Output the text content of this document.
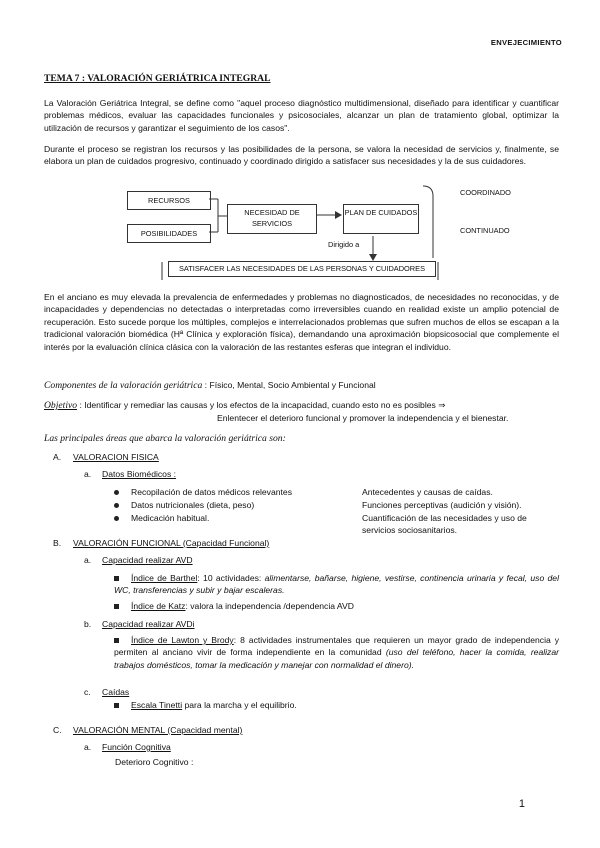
ENVEJECIMIENTO
TEMA 7 : VALORACIÓN GERIÁTRICA INTEGRAL
La Valoración Geriátrica Integral, se define como "aquel proceso diagnóstico multidimensional, diseñado para identificar y cuantificar problemas médicos, evaluar las capacidades funcionales y psicosociales, alcanzar un plan de tratamiento global, optimizar la utilización de recursos y garantizar el seguimiento de los casos".
Durante el proceso se registran los recursos y las posibilidades de la persona, se valora la necesidad de servicios y, finalmente, se elabora un plan de cuidados progresivo, continuado y coordinado dirigido a satisfacer sus necesidades y la de sus cuidadores.
RECURSOS
POSIBILIDADES
NECESIDAD DE SERVICIOS
PLAN DE CUIDADOS
COORDINADO
CONTINUADO
Dirigido a
SATISFACER LAS NECESIDADES DE LAS PERSONAS Y CUIDADORES
En el anciano es muy elevada la prevalencia de enfermedades y problemas no diagnosticados, de necesidades no reconocidas, y de incapacidades y dependencias no detectadas o interpretadas como irreversibles cuando en realidad existe un amplio potencial de recuperación. Esto sucede porque los múltiples, complejos e interrelacionados problemas que sufren muchos de ellos se escapan a la tradicional valoración biomédica (Hª Clínica y exploración física), demandando una aproximación biopsicosocial que complemente el interés por la evaluación clínica clásica con la valoración de las restantes esferas que integran el individuo.
Componentes de la valoración geriátrica : Físico, Mental, Socio Ambiental y Funcional
Objetivo : Identificar y remediar las causas y los efectos de la incapacidad, cuando esto no es posibles ⇒
Enlentecer el deterioro funcional y promover la independencia y el bienestar.
Las principales áreas que abarca la valoración geriátrica son:
A. VALORACION FISICA
a. Datos Biomédicos :
Recopilación de datos médicos relevantes
Datos nutricionales (dieta, peso)
Medicación habitual.
Antecedentes y causas de caídas.
Funciones perceptivas (audición y visión).
Cuantificación de las necesidades y uso de servicios sociosanitarios.
B. VALORACIÓN FUNCIONAL (Capacidad Funcional)
a. Capacidad realizar AVD
Índice de Barthel: 10 actividades: alimentarse, bañarse, higiene, vestirse, continencia urinaria y fecal, uso del WC, transferencias y subir y bajar escaleras.
Índice de Katz: valora la independencia /dependencia AVD
b. Capacidad realizar AVDi
Índice de Lawton y Brody: 8 actividades instrumentales que requieren un mayor grado de independencia y permiten al anciano vivir de forma independiente en la comunidad (uso del teléfono, hacer la comida, realizar trabajos domésticos, tomar la medicación y manejar con normalidad el dinero).
c. Caídas
Escala Tinetti para la marcha y el equilibrio.
C. VALORACIÓN MENTAL (Capacidad mental)
a. Función Cognitiva
Deterioro Cognitivo :
1
